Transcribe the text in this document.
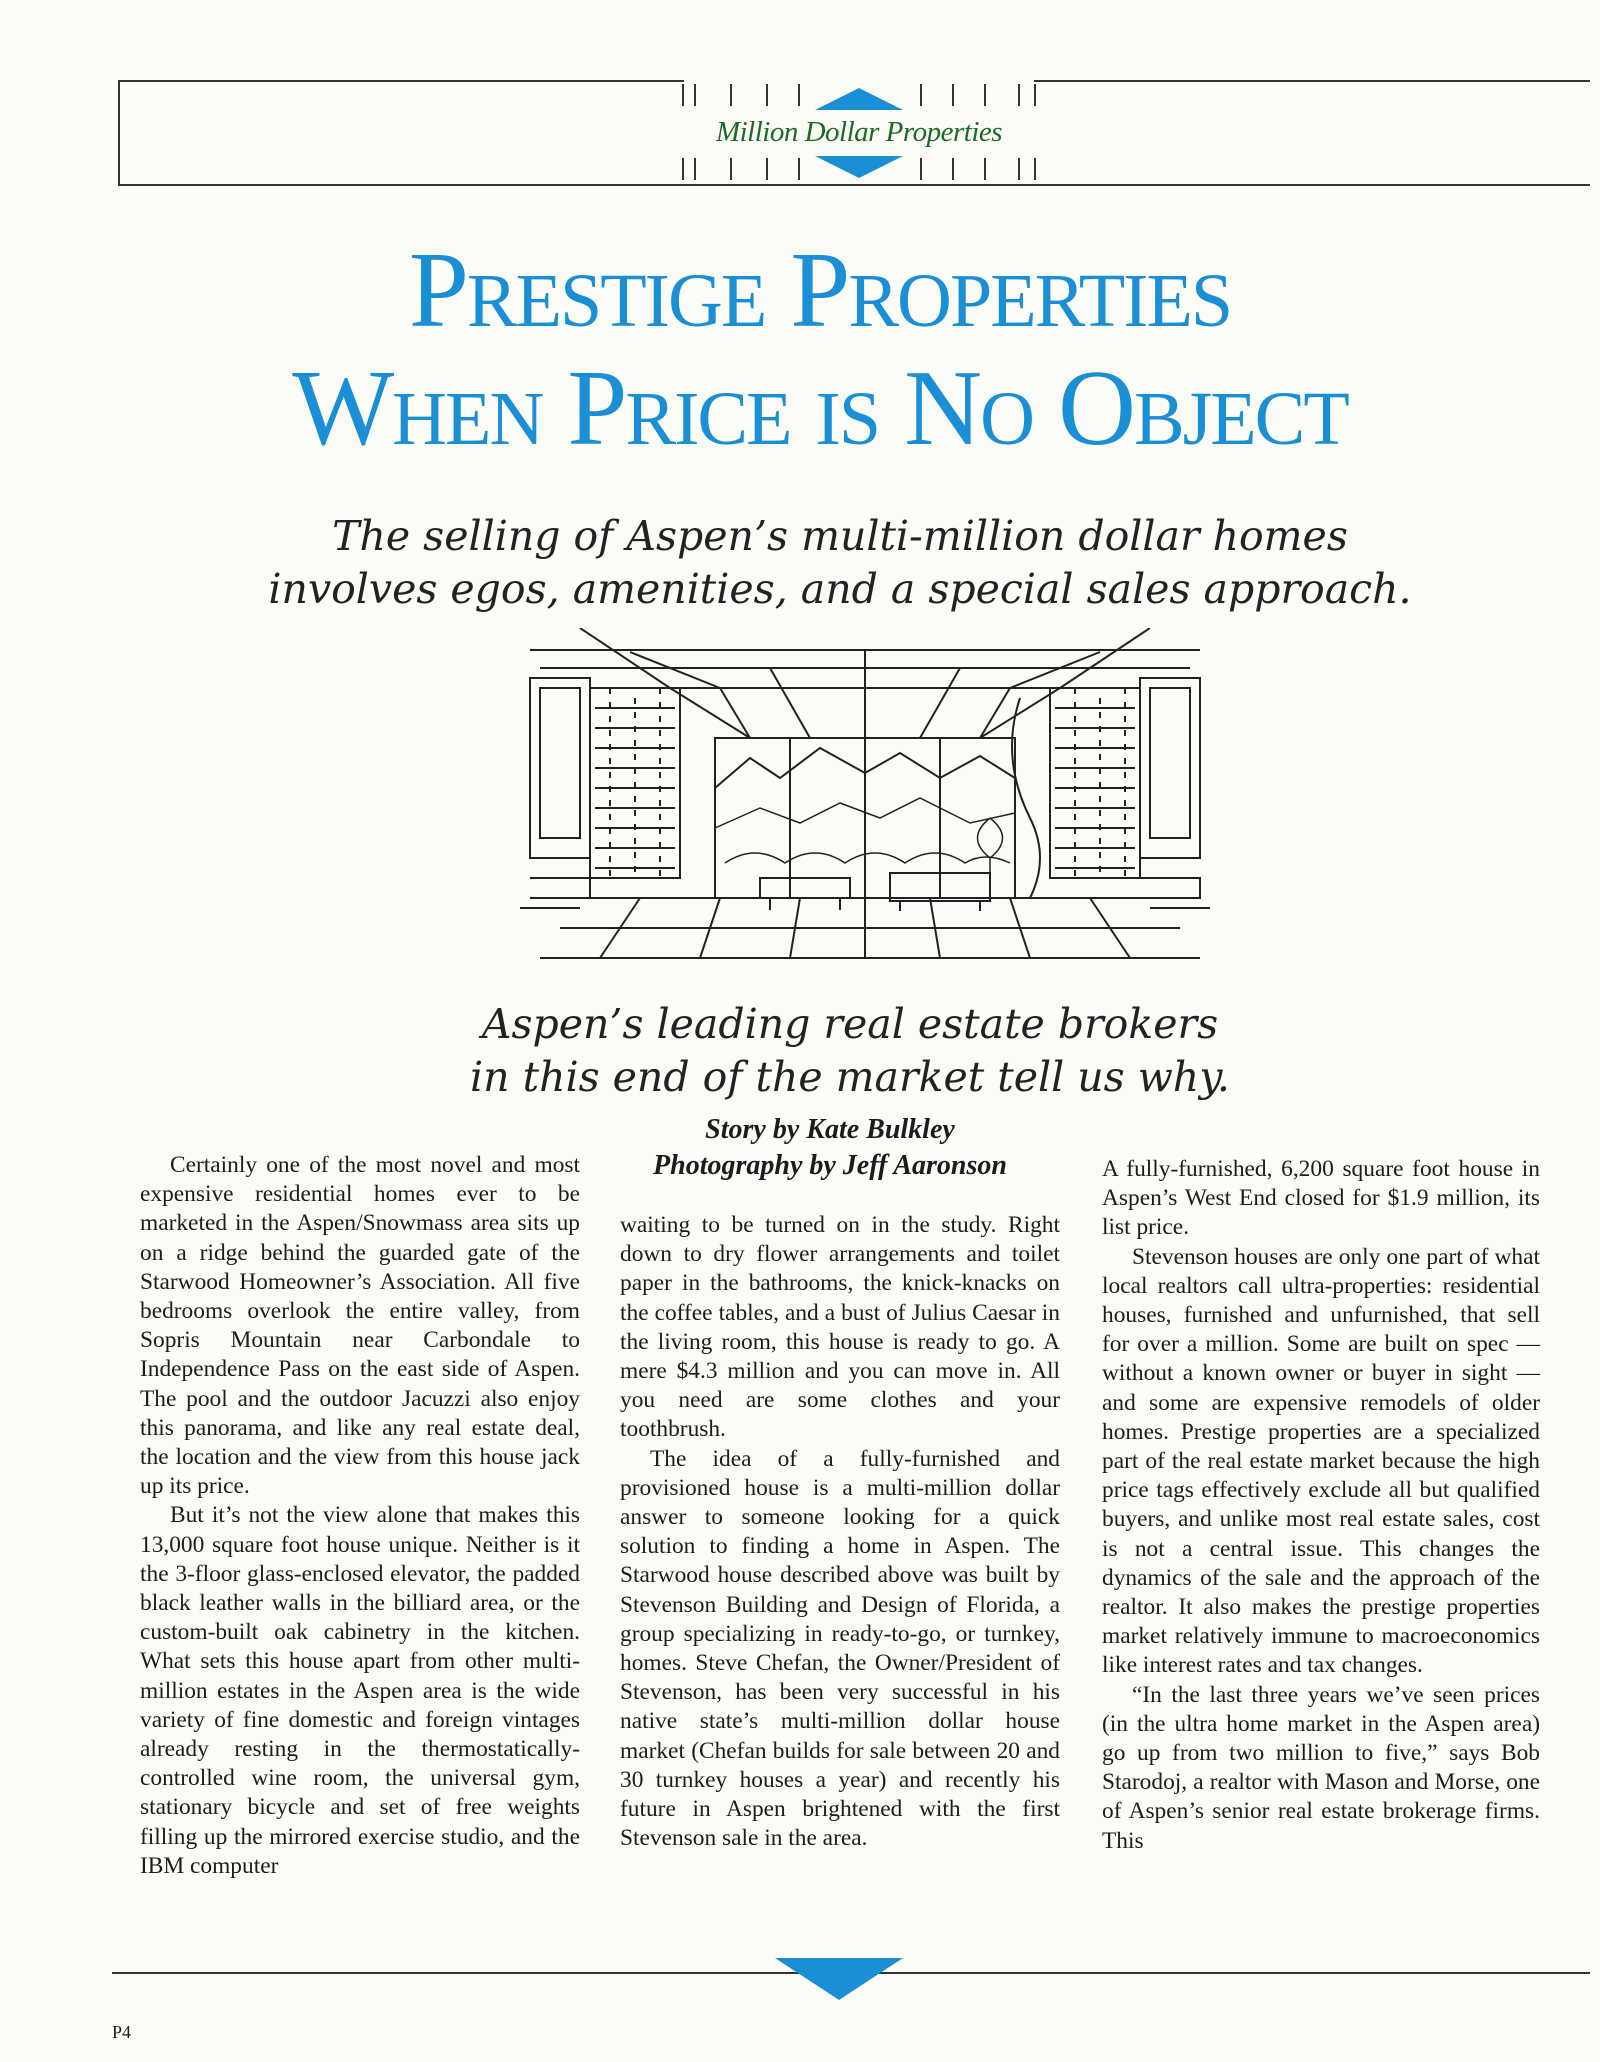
Million Dollar Properties
Prestige Properties
When Price is No Object
The selling of Aspen’s multi-million dollar homes
involves egos, amenities, and a special sales approach.
Aspen’s leading real estate brokers
in this end of the market tell us why.
Story by Kate Bulkley
Photography by Jeff Aaronson

Certainly one of the most novel and most expensive residential homes ever to be marketed in the Aspen/Snowmass area sits up on a ridge behind the guarded gate of the Starwood Homeowner’s Association. All five bedrooms overlook the entire valley, from Sopris Mountain near Carbondale to Independence Pass on the east side of Aspen. The pool and the outdoor Jacuzzi also enjoy this panorama, and like any real estate deal, the location and the view from this house jack up its price.

But it’s not the view alone that makes this 13,000 square foot house unique. Neither is it the 3-floor glass-enclosed elevator, the padded black leather walls in the billiard area, or the custom-built oak cabinetry in the kitchen. What sets this house apart from other multi-million estates in the Aspen area is the wide variety of fine domestic and foreign vintages already resting in the thermostatically-controlled wine room, the universal gym, stationary bicycle and set of free weights filling up the mirrored exercise studio, and the IBM computer

waiting to be turned on in the study. Right down to dry flower arrangements and toilet paper in the bathrooms, the knick-knacks on the coffee tables, and a bust of Julius Caesar in the living room, this house is ready to go. A mere $4.3 million and you can move in. All you need are some clothes and your toothbrush.

The idea of a fully-furnished and provisioned house is a multi-million dollar answer to someone looking for a quick solution to finding a home in Aspen. The Starwood house described above was built by Stevenson Building and Design of Florida, a group specializing in ready-to-go, or turnkey, homes. Steve Chefan, the Owner/President of Stevenson, has been very successful in his native state’s multi-million dollar house market (Chefan builds for sale between 20 and 30 turnkey houses a year) and recently his future in Aspen brightened with the first Stevenson sale in the area.

A fully-furnished, 6,200 square foot house in Aspen’s West End closed for $1.9 million, its list price.

Stevenson houses are only one part of what local realtors call ultra-properties: residential houses, furnished and unfurnished, that sell for over a million. Some are built on spec — without a known owner or buyer in sight — and some are expensive remodels of older homes. Prestige properties are a specialized part of the real estate market because the high price tags effectively exclude all but qualified buyers, and unlike most real estate sales, cost is not a central issue. This changes the dynamics of the sale and the approach of the realtor. It also makes the prestige properties market relatively immune to macroeconomics like interest rates and tax changes.

“In the last three years we’ve seen prices (in the ultra home market in the Aspen area) go up from two million to five,” says Bob Starodoj, a realtor with Mason and Morse, one of Aspen’s senior real estate brokerage firms. This

P4
